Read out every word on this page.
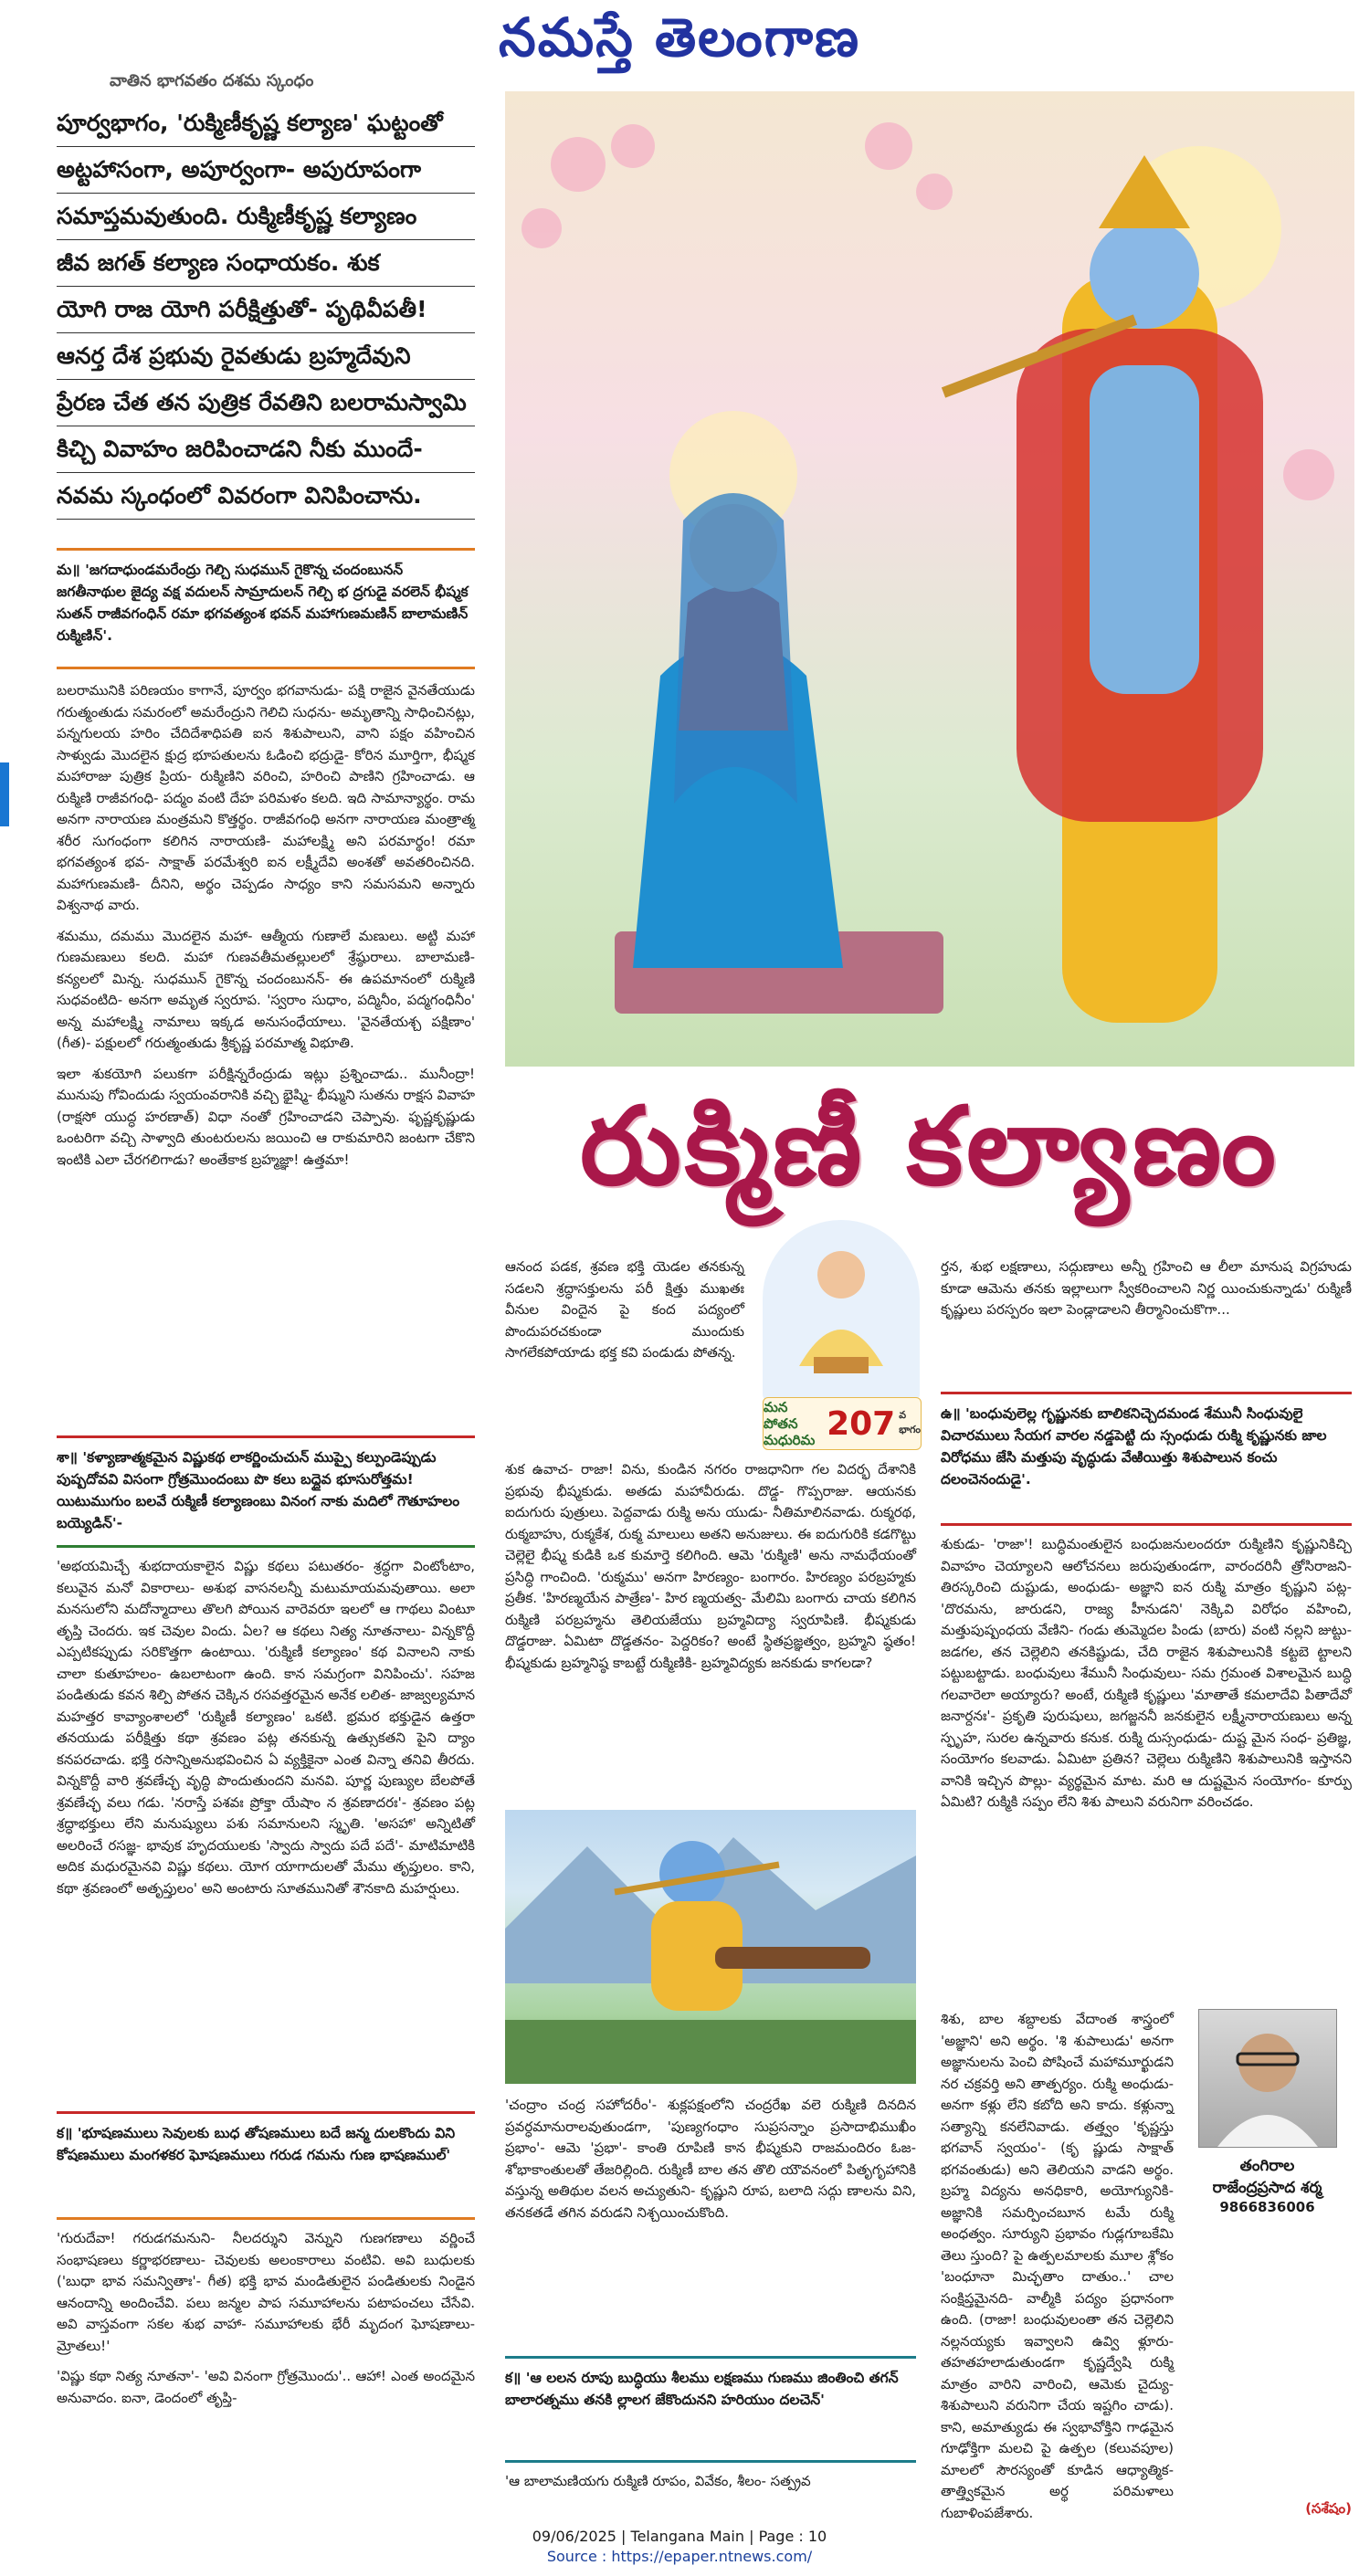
నమస్తే తెలంగాణ
వాతిన భాగవతం దశమ స్కంధం

పూర్వభాగం, 'రుక్మిణీకృష్ణ కల్యాణ' ఘట్టంతో

అట్టహాసంగా, అపూర్వంగా- అపురూపంగా

సమాప్తమవుతుంది. రుక్మిణీకృష్ణ కల్యాణం

జీవ జగత్ కల్యాణ సంధాయకం. శుక

యోగి రాజ యోగి పరీక్షిత్తుతో- పృథివీపతీ!

ఆనర్త దేశ ప్రభువు రైవతుడు బ్రహ్మదేవుని

ప్రేరణ చేత తన పుత్రిక రేవతిని బలరామస్వామి

కిచ్చి వివాహం జరిపించాడని నీకు ముందే-

నవమ స్కంధంలో వివరంగా వినిపించాను.

మ॥ 'జగదాధుండమరేంద్రు గెల్చి సుధమున్ గైకొన్న చందంబునన్ జగతీనాథుల జైద్య వక్ష వదులన్ సామ్రాదులన్ గెల్చి భ ద్రగుడై వరలెన్ భీష్మక సుతన్ రాజీవగంధిన్ రమా భగవత్యంశ భవన్ మహాగుణమణిన్ బాలామణిన్ రుక్మిణిన్'.

బలరామునికి పరిణయం కాగానే, పూర్వం భగవానుడు- పక్షి రాజైన వైనతేయుడు గరుత్మంతుడు సమరంలో అమరేంద్రుని గెలిచి సుధను- అమృతాన్ని సాధించినట్లు, పన్నగులయ హరిం చేదిదేశాధిపతి ఐన శిశుపాలుని, వాని పక్షం వహించిన సాళ్వుడు మొదలైన క్షుద్ర భూపతులను ఓడించి భద్రుడై- కోరిన మూర్తిగా, భీష్మక మహారాజు పుత్రిక ప్రియ- రుక్మిణిని వరించి, హరించి పాణిని గ్రహించాడు. ఆ రుక్మిణి రాజీవగంధి- పద్మం వంటి దేహ పరిమళం కలది. ఇది సామాన్యార్థం. రామ అనగా నారాయణ మంత్రమని కొత్తర్థం. రాజీవగంధి అనగా నారాయణ మంత్రాత్మ శరీర సుగంధంగా కలిగిన నారాయణి- మహాలక్ష్మి అని పరమార్థం! రమా భగవత్యంశ భవ- సాక్షాత్ పరమేశ్వరి ఐన లక్ష్మీదేవి అంశతో అవతరించినది. మహాగుణమణి- దీనిని, అర్థం చెప్పడం సాధ్యం కాని సమసమని అన్నారు విశ్వనాథ వారు.

శమము, దమము మొదలైన మహా- ఆత్మీయ గుణాలే మణులు. అట్టి మహా గుణమణులు కలది. మహా గుణవతీమతల్లులలో శ్రేష్ఠురాలు. బాలామణి- కన్యలలో మిన్న. సుధమున్ గైకొన్న చందంబునన్- ఈ ఉపమానంలో రుక్మిణి సుధవంటిది- అనగా అమృత స్వరూప. 'స్వరాం సుధాం, పద్మినీం, పద్మగంధినీం' అన్న మహాలక్ష్మి నామాలు ఇక్కడ అనుసంధేయాలు. 'వైనతేయశ్చ పక్షిణాం' (గీత)- పక్షులలో గరుత్మంతుడు శ్రీకృష్ణ పరమాత్మ విభూతి.

ఇలా శుకయోగి పలుకగా పరీక్షిన్నరేంద్రుడు ఇట్లు ప్రశ్నించాడు.. మునీంద్రా! మునుపు గోవిందుడు స్వయంవరానికి వచ్చి భైష్మి- భీష్ముని సుతను రాక్షస వివాహ (రాక్షసో యుద్ధ హరణాత్) విధా నంతో గ్రహించాడని చెప్పావు. ఫృష్ణకృష్ణుడు ఒంటరిగా వచ్చి సాళ్వాది తుంటరులను జయించి ఆ రాకుమారిని జంటగా చేకొని ఇంటికి ఎలా చేరగలిగాడు? అంతేకాక బ్రహ్మజ్ఞా! ఉత్తమా!

శా॥ 'కళ్యాణాత్మకమైన విష్ణుకథ లాకర్ణించుచున్ ముప్పై కల్పుండెప్పుడు పుష్పదోవవి విసంగా గ్రోత్రమొందంబు పొ కలు బద్దైవ భూసురోత్తమ! యిటుముగుం బలవే రుక్మిణీ కల్యాణంబు వినంగ నాకు మదిలో గౌతూహలం బయ్యెడిన్'-

'అభయమిచ్చే శుభదాయకాలైన విష్ణు కథలు పటుతరం- శ్రద్ధగా వింటోంటాం, కలువైన మనో వికారాలు- అశుభ వాసనలన్నీ మటుమాయమవుతాయి. అలా మనసులోని మదోన్మాదాలు తొలగి పోయిన వారెవరూ ఇలలో ఆ గాథలు వింటూ తృప్తి చెందరు. ఇక చెవుల విందు. ఏల? ఆ కథలు నిత్య నూతనాలు- విన్నకొద్దీ ఎప్పటికప్పుడు సరికొత్తగా ఉంటాయి. 'రుక్మిణీ కల్యాణం' కథ వినాలని నాకు చాలా కుతూహలం- ఉబలాటంగా ఉంది. కాన సమగ్రంగా వినిపించు'. సహజ పండితుడు కవన శిల్పి పోతన చెక్కిన రసవత్తరమైన అనేక లలిత- జాజ్వల్యమాన మహత్తర కావ్యాంశాలలో 'రుక్మిణీ కల్యాణం' ఒకటి. భ్రమర భక్తుడైన ఉత్తరా తనయుడు పరీక్షిత్తు కథా శ్రవణం పట్ల తనకున్న ఉత్సుకతని పైని ద్యాం కనపరచాడు. భక్తి రసాన్నిఅనుభవించిన ఏ వ్యక్తికైనా ఎంత విన్నా తనివి తీరదు. విన్నకొద్దీ వారి శ్రవణేచ్ఛ వృద్ధి పొందుతుందని మనవి. పూర్ణ పుణ్యుల బేలపోతే శ్రవణేచ్ఛ వలు గడు. 'నరాస్తే పశవః ప్రోక్తా యేషాం న శ్రవణాదరః'- శ్రవణం పట్ల శ్రద్ధాభక్తులు లేని మనుష్యులు పశు సమానులని స్మృతి. 'అసహా' అన్నిటితో అలరించే రసజ్ఞ- భావుక హృదయులకు 'స్వాదు స్వాదు పదే పదే'- మాటిమాటికి అదిక మధురమైనవి విష్ణు కథలు. యోగ యాగాదులతో మేము తృప్తులం. కాని, కథా శ్రవణంలో అతృప్తులం' అని అంటారు సూతమునితో శౌనకాది మహర్షులు.

క॥ 'భూషణములు సెవులకు బుధ తోషణములు బదే జన్మ దులకొందు విని కోషణములు మంగళకర ఘోషణములు గరుడ గమను గుణ భాషణముల్'

'గురుదేవా! గరుడగమనుని- నీలదర్శుని వెన్నుని గుణగణాలు వర్ణించే సంభాషణలు కర్ణాభరణాలు- చెవులకు అలంకారాలు వంటివి. అవి బుధులకు ('బుధా భావ సమన్వితాః'- గీత) భక్తి భావ మండితులైన పండితులకు నిండైన ఆనందాన్ని అందించేవి. పలు జన్మల పాప సమూహాలను పటాపంచలు చేసేవి. అవి వాస్తవంగా సకల శుభ వాహా- సమూహాలకు భేరీ మృదంగ ఘోషణాలు- మ్రోతలు!'

'విష్ణు కథా నిత్య నూతనా'- 'అవి వినంగా గ్రోత్రమొందు'.. ఆహా! ఎంత అందమైన అనువాదం. ఐనా, డెందంలో తృప్తి-

రుక్మిణీ కల్యాణం
ఆనంద పడక, శ్రవణ భక్తి యెడల తనకున్న సడలని శ్రద్ధాసక్తులను పరీ క్షిత్తు ముఖతః వీనుల విందైన పై కంద పద్యంలో పొందుపరచకుండా ముందుకు సాగలేకపోయాడు భక్త కవి పండుడు పోతన్న.
మన పోతన మధురిమ 207 వ భాగం

శుక ఉవాచ- రాజా! విను, కుండిన నగరం రాజధానిగా గల విదర్భ దేశానికి ప్రభువు భీష్మకుడు. అతడు మహావీరుడు. దొడ్డ- గొప్పరాజు. ఆయనకు ఐదుగురు పుత్రులు. పెద్దవాడు రుక్మి అను యుడు- నీతిమాలినవాడు. రుక్మరథ, రుక్మబాహు, రుక్మకేశ, రుక్మ మాలులు అతని అనుజులు. ఈ ఐదుగురికి కడగొట్టు చెల్లెలై భీష్మ కుడికి ఒక కుమార్తె కలిగింది. ఆమె 'రుక్మిణి' అను నామధేయంతో ప్రసిద్ధి గాంచింది. 'రుక్మము' అనగా హిరణ్యం- బంగారం. హిరణ్యం పరబ్రహ్మకు ప్రతీక. 'హిరణ్మయేన పాత్రేణ'- హిర ణ్మయత్వ- మేలిమి బంగారు చాయ కలిగిన రుక్మిణి పరబ్రహ్మను తెలియజేయు బ్రహ్మవిద్యా స్వరూపిణి. భీష్మకుడు దొడ్డరాజు. ఏమిటా దొడ్డతనం- పెద్దరికం? అంటే స్థితప్రజ్ఞత్వం, బ్రహ్మని ష్ఠతం! భీష్మకుడు బ్రహ్మనిష్ఠ కాబట్టే రుక్మిణికి- బ్రహ్మవిద్యకు జనకుడు కాగలడా?

'చంద్రాం చంద్ర సహోదరీం'- శుక్లపక్షంలోని చంద్రరేఖ వలె రుక్మిణి దినదిన ప్రవర్ధమానురాలవుతుండగా, 'పుణ్యగంధాం సుప్రసన్నాం ప్రసాదాభిముఖీం ప్రభాం'- ఆమె 'ప్రభా'- కాంతి రూపిణి కాన భీష్మకుని రాజమందిరం ఓజ- శోభాకాంతులతో తేజరిల్లింది. రుక్మిణీ బాల తన తొలి యౌవనంలో పితృగృహానికి వస్తున్న అతిథుల వలన అచ్యుతుని- కృష్ణుని రూప, బలాది సద్గు ణాలను విని, తనకతడే తగిన వరుడని నిశ్చయించుకొంది.

క॥ 'ఆ లలన రూపు బుద్ధియు శీలము లక్షణము గుణము జింతించి తగన్ బాలారత్నము తనకి ల్లాలగ జేకొందునని హరియుం దలచెన్'

'ఆ బాలామణియగు రుక్మిణి రూపం, వివేకం, శీలం- సత్ప్రవ

ర్తన, శుభ లక్షణాలు, సద్గుణాలు అన్నీ గ్రహించి ఆ లీలా మానుష విగ్రహుడు కూడా ఆమెను తనకు ఇల్లాలుగా స్వీకరించాలని నిర్ణ యించుకున్నాడు' రుక్మిణీ కృష్ణులు పరస్పరం ఇలా పెండ్లాడాలని తీర్మానించుకొగా...
ఉ॥ 'బంధువులెల్ల గృష్ణునకు బాలికనిచ్చెదమండ శేమునీ సింధువులై విచారములు సేయగ వారల నడ్డపెట్టి దు స్సంధుడు రుక్మి కృష్ణునకు జాల విరోధము జేసి మత్తుపు వృద్ధుడు వేఱియిత్తు శిశుపాలున కంచు దలంచెనందుడై'.

శుకుడు- 'రాజా'! బుద్ధిమంతులైన బంధుజనులందరూ రుక్మిణిని కృష్ణునికిచ్చి వివాహం చెయ్యాలని ఆలోచనలు జరుపుతుండగా, వారందరినీ త్రోసిరాజని- తిరస్కరించి దుష్టుడు, అంధుడు- అజ్ఞాని ఐన రుక్మి మాత్రం కృష్ణుని పట్ల- 'దొరమను, జారుడని, రాజ్య హీనుడని' నెక్కివి విరోధం వహించి, మత్తుపుష్పంధయ వేణిని- గండు తుమ్మెదల పిండు (బారు) వంటి నల్లని జుట్టు- జడగల, తన చెల్లెలిని తనకిష్టుడు, చేది రాజైన శిశుపాలునికి కట్టబె ట్టాలని పట్టుబట్టాడు. బంధువులు శేమునీ సింధువులు- సమ గ్రమంత విశాలమైన బుద్ధి గలవారెలా అయ్యారు? అంటే, రుక్మిణి కృష్ణులు 'మాతాతే కమలాదేవి పితాదేవో జనార్దనః'- ప్రకృతి పురుషులు, జగజ్జననీ జనకులైన లక్ష్మీనారాయణులు అన్న స్ఫృహ, సురల ఉన్నవారు కనుక. రుక్మి దుస్సంధుడు- దుష్ట మైన సంధ- ప్రతిజ్ఞ, సంయోగం కలవాడు. ఏమిటా ప్రతిన? చెల్లెలు రుక్మిణిని శిశుపాలునికి ఇస్తానని వానికి ఇచ్చిన పొల్లు- వ్యర్థమైన మాట. మరి ఆ దుష్టమైన సంయోగం- కూర్పు ఏమిటి? రుక్మికి సప్పం లేని శిశు పాలుని వరునిగా వరించడం.

శిశు, బాల శబ్దాలకు వేదాంత శాస్త్రంలో 'అజ్ఞాని' అని అర్థం. 'శి శుపాలుడు' అనగా అజ్ఞానులను పెంచి పోషించే మహామూర్ఖుడని నర చక్రవర్తి అని తాత్పర్యం. రుక్మి అంధుడు- అనగా కళ్లు లేని కబోది అని కాదు. కళ్లున్నా సత్యాన్ని కనలేనివాడు. తత్త్వం 'కృష్ణస్తు భగవాన్ స్వయం'- (కృ ష్ణుడు సాక్షాత్ భగవంతుడు) అని తెలియని వాడని అర్థం. బ్రహ్మ విద్యను అనధికారి, అయోగ్యునికి- అజ్ఞానికి సమర్పించబూన టమే రుక్మి అంధత్వం. సూర్యుని ప్రభావం గుడ్లగూబకేమి తెలు స్తుంది? పై ఉత్పలమాలకు మూల శ్లోకం 'బంధూనా మిచ్ఛతాం దాతుం..' చాల సంక్షిప్తమైనది- వాల్మీకి పద్యం ప్రధానంగా ఉంది. (రాజా! బంధువులంతా తన చెల్లెలిని నల్లనయ్యకు ఇవ్వాలని ఉవ్వి ళ్లూరు- తహతహలాడుతుండగా కృష్ణద్వేషి రుక్మి మాత్రం వారిని వారించి, ఆమెకు చైద్యు- శిశుపాలుని వరునిగా చేయ ఇష్టగిం చాడు). కాని, అమాత్యుడు ఈ స్వభావోక్తిని గాఢమైన గూఢోక్తిగా మలచి పై ఉత్పల (కలువపూల) మాలలో సౌరస్యంతో కూడిన ఆధ్యాత్మిక- తాత్త్వికమైన అర్థ పరిమళాలు గుబాళింపజేశారు.

తంగిరాల
రాజేంద్రప్రసాద శర్మ
9866836006
(సశేషం)
09/06/2025 | Telangana Main | Page : 10
Source : https://epaper.ntnews.com/
